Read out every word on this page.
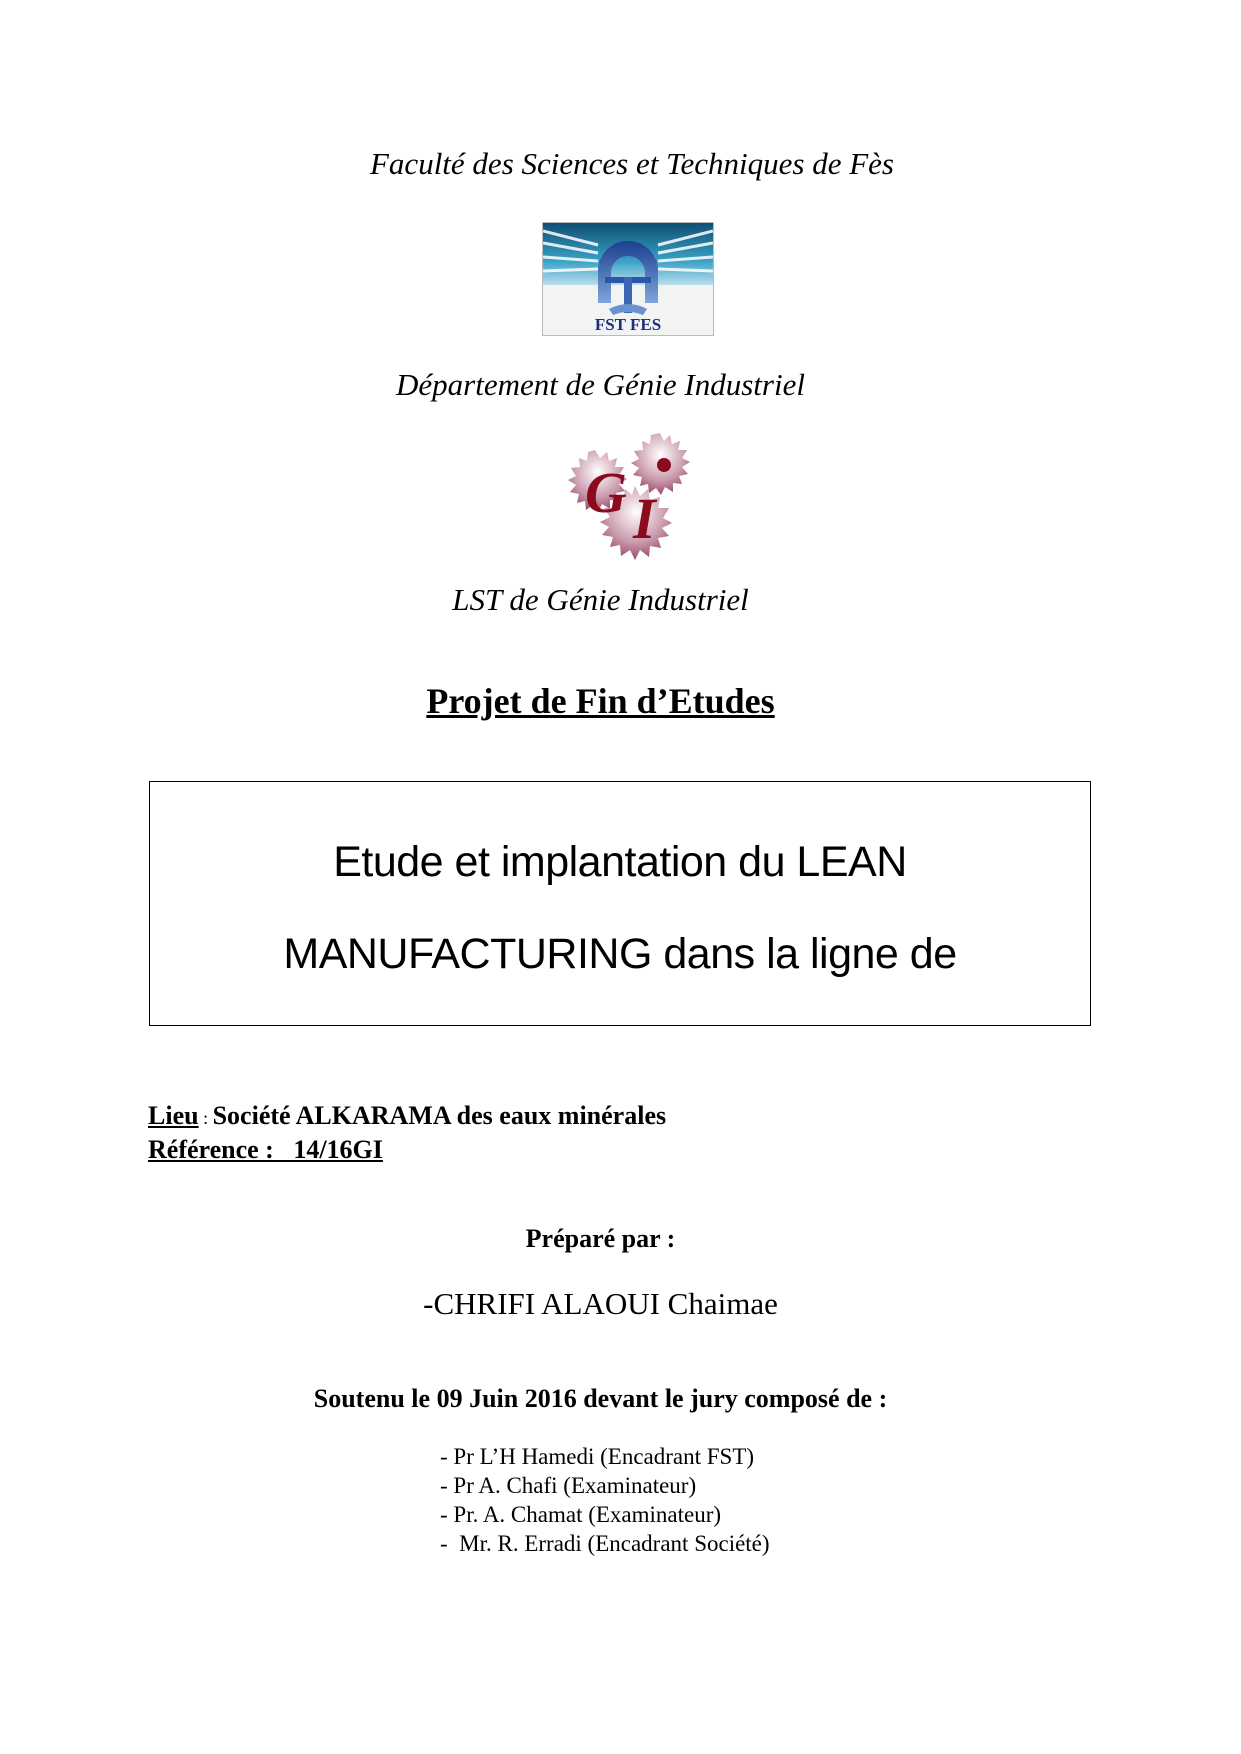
Faculté des Sciences et Techniques de Fès
FST FES
Département de Génie Industriel
G I
LST de Génie Industriel
Projet de Fin d’Etudes
Etude et implantation du LEAN
MANUFACTURING dans la ligne de
Lieu : Société ALKARAMA des eaux minérales
Référence :   14/16GI
Préparé par :
-CHRIFI ALAOUI Chaimae
Soutenu le 09 Juin 2016 devant le jury composé de :
- Pr L’H Hamedi (Encadrant FST)
- Pr A. Chafi (Examinateur)
- Pr. A. Chamat (Examinateur)
-  Mr. R. Erradi (Encadrant Société)
